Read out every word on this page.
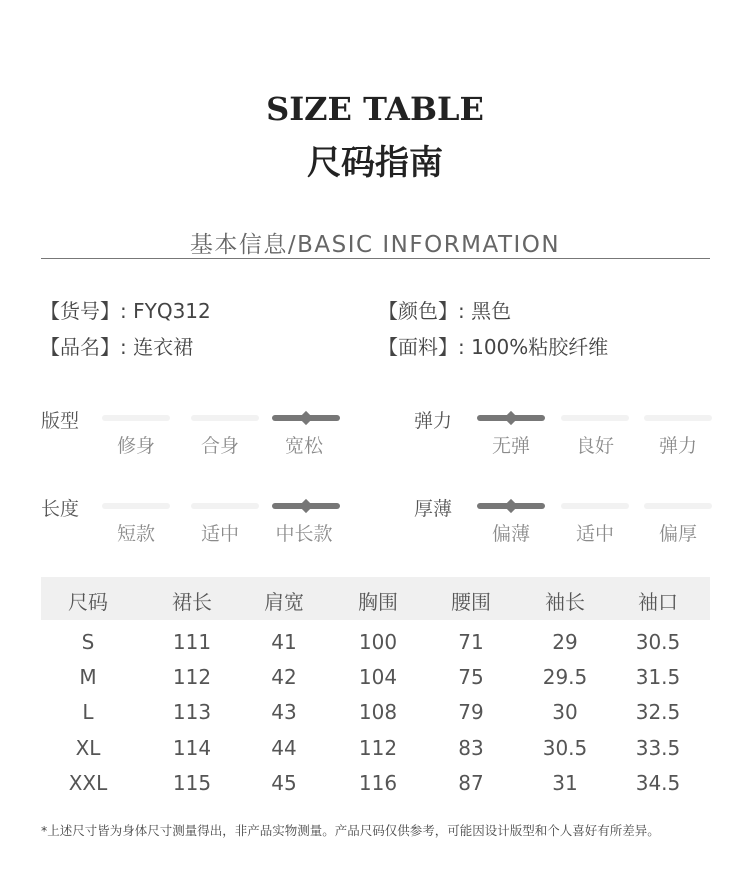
SIZE TABLE
尺码指南
基本信息/BASIC INFORMATION
【货号】: FYQ312	【颜色】: 黑色
【品名】: 连衣裙	【面料】: 100%粘胶纤维
版型
修身	合身	宽松
弹力
无弹	良好	弹力
长度
短款	适中	中长款
厚薄
偏薄	适中	偏厚
尺码	裙长	肩宽	胸围	腰围	袖长	袖口
S	111	41	100	71	29	30.5
M	112	42	104	75	29.5	31.5
L	113	43	108	79	30	32.5
XL	114	44	112	83	30.5	33.5
XXL	115	45	116	87	31	34.5
*上述尺寸皆为身体尺寸测量得出，非产品实物测量。产品尺码仅供参考，可能因设计版型和个人喜好有所差异。
